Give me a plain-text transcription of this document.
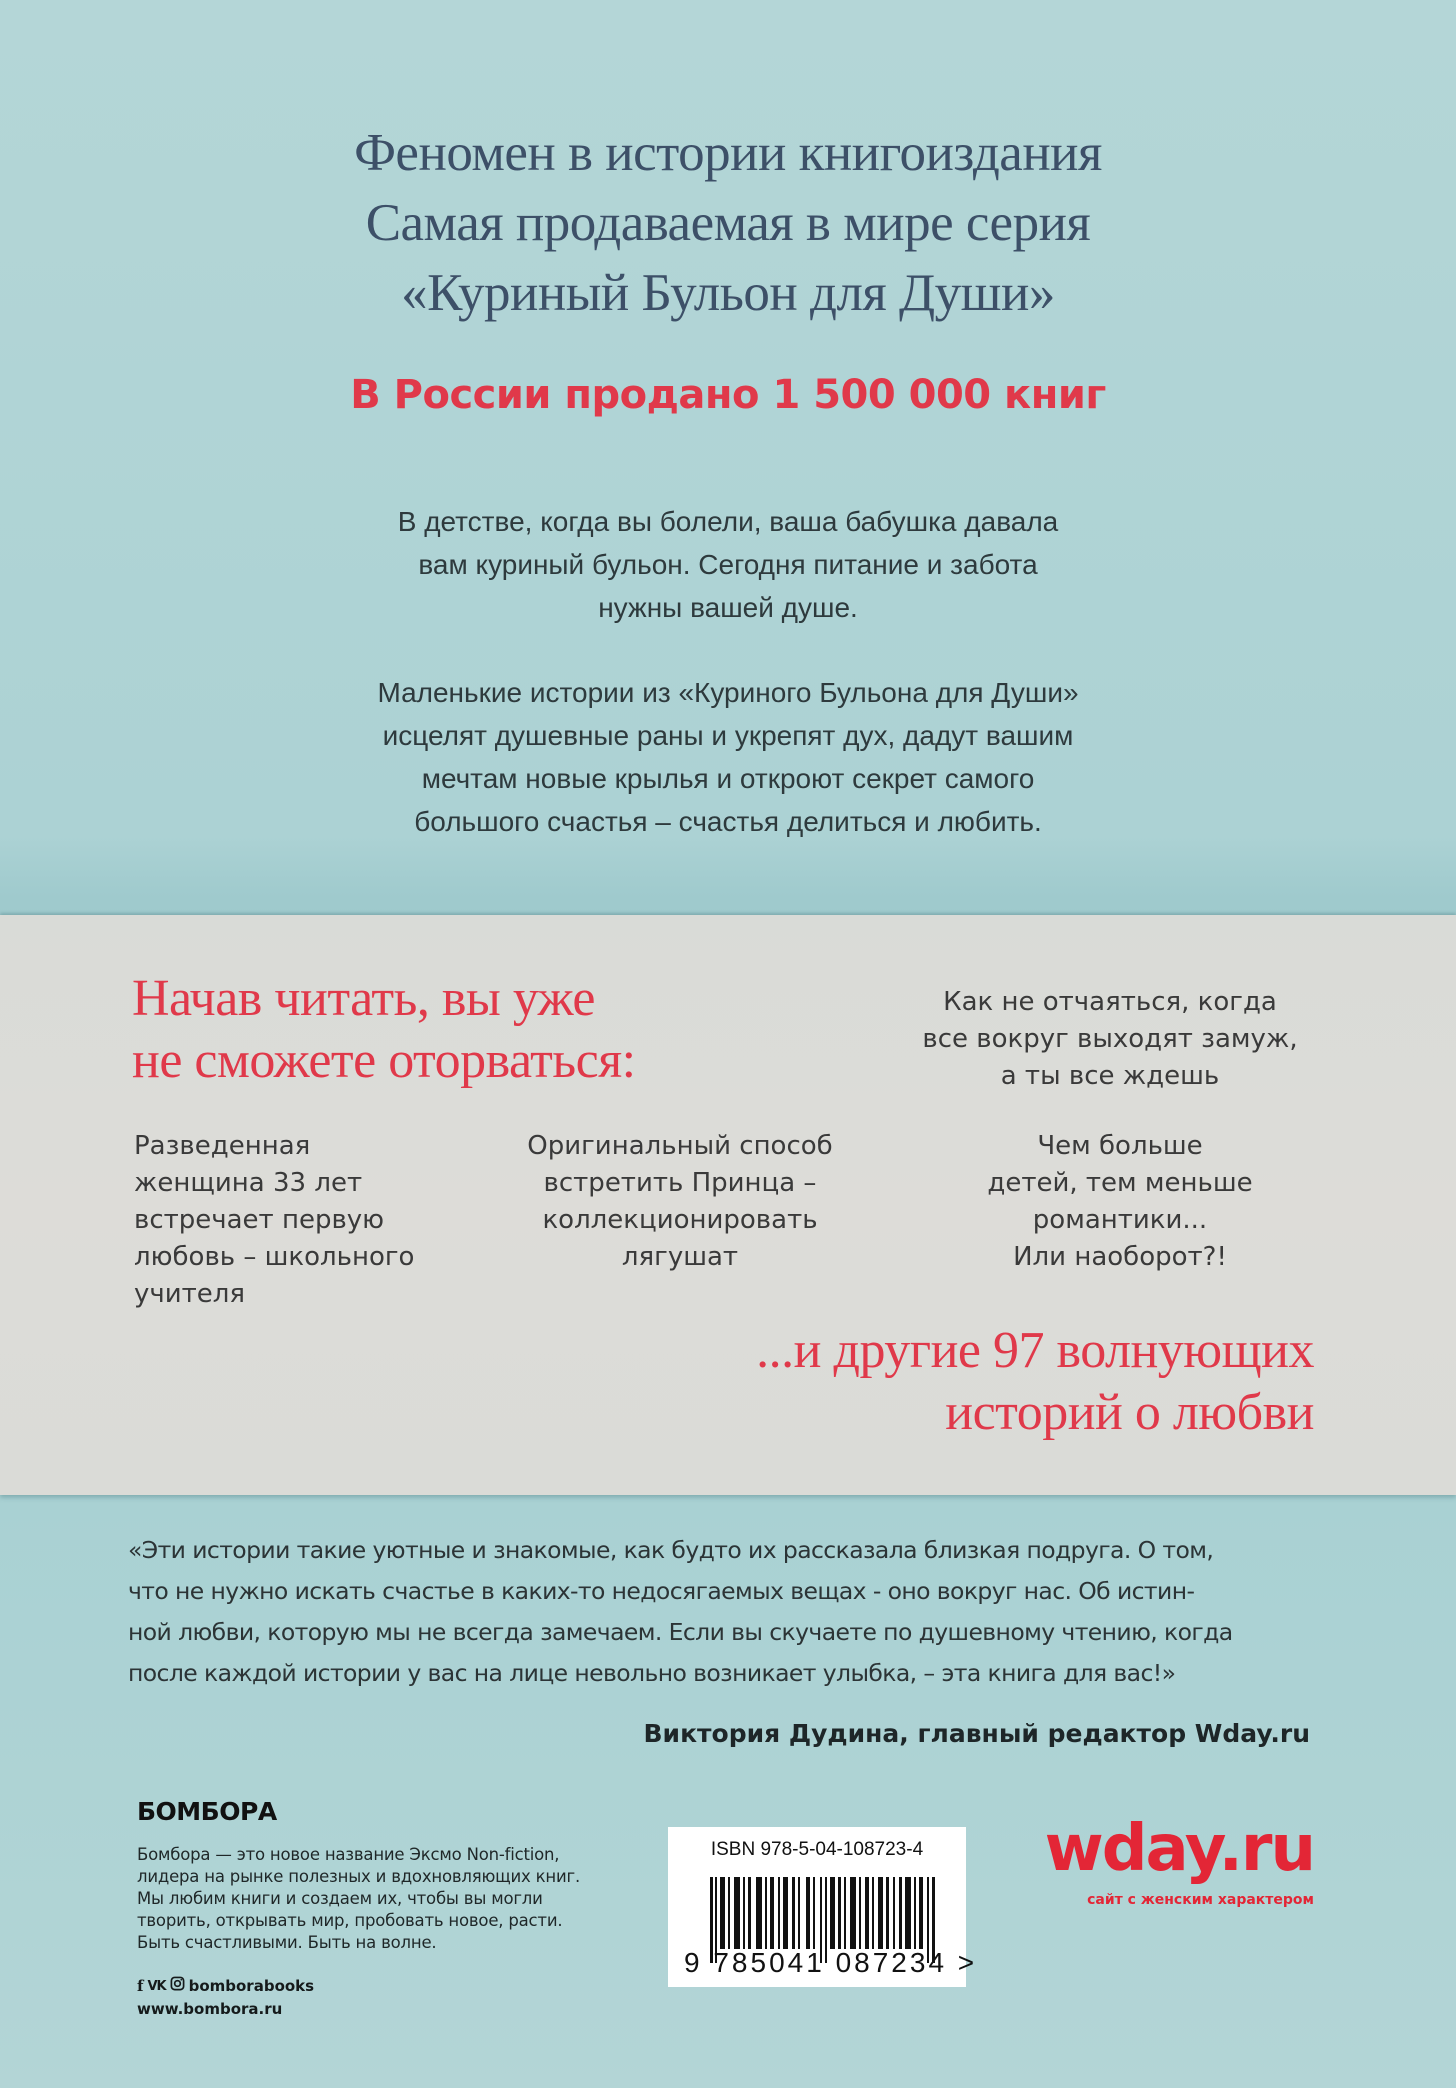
Феномен в истории книгоиздания
Самая продаваемая в мире серия
«Куриный Бульон для Души»
В России продано 1 500 000 книг
В детстве, когда вы болели, ваша бабушка давала
вам куриный бульон. Сегодня питание и забота
нужны вашей душе.
Маленькие истории из «Куриного Бульона для Души»
исцелят душевные раны и укрепят дух, дадут вашим
мечтам новые крылья и откроют секрет самого
большого счастья – счастья делиться и любить.
Начав читать, вы уже
не сможете оторваться:
Как не отчаяться, когда
все вокруг выходят замуж,
а ты все ждешь
Разведенная
женщина 33 лет
встречает первую
любовь – школьного
учителя
Оригинальный способ
встретить Принца –
коллекционировать
лягушат
Чем больше
детей, тем меньше
романтики...
Или наоборот?!
...и другие 97 волнующих
историй о любви
«Эти истории такие уютные и знакомые, как будто их рассказала близкая подруга. О том,
что не нужно искать счастье в каких-то недосягаемых вещах - оно вокруг нас. Об истин-
ной любви, которую мы не всегда замечаем. Если вы скучаете по душевному чтению, когда
после каждой истории у вас на лице невольно возникает улыбка, – эта книга для вас!»
Виктория Дудина, главный редактор Wday.ru
БОМБОРА
Бомбора — это новое название Эксмо Non-fiction,
лидера на рынке полезных и вдохновляющих книг.
Мы любим книги и создаем их, чтобы вы могли
творить, открывать мир, пробовать новое, расти.
Быть счастливыми. Быть на волне.
f VK bomborabooks
www.bombora.ru
ISBN 978-5-04-108723-4
9 785041 087234 >
wday.ru
сайт с женским характером
